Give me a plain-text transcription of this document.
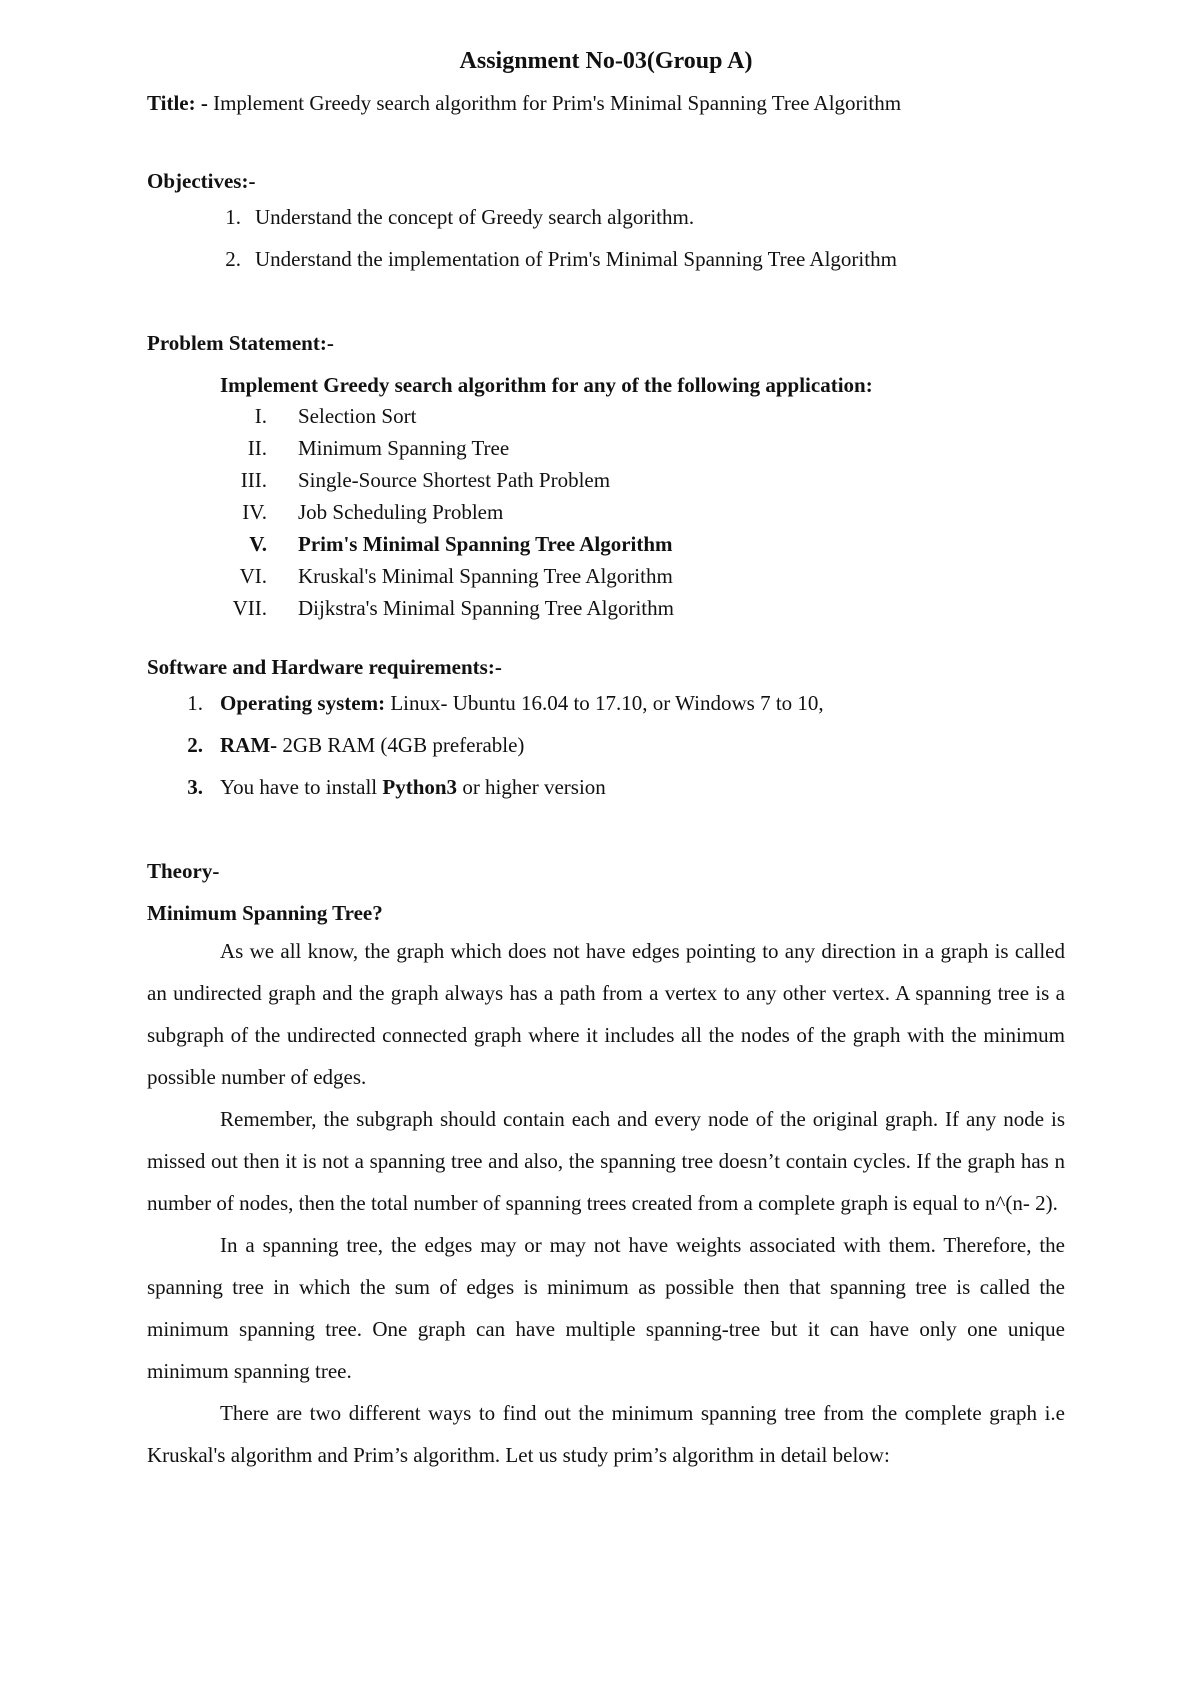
Assignment No-03(Group A)

Title: - Implement Greedy search algorithm for Prim's Minimal Spanning Tree Algorithm

Objectives:-

1. Understand the concept of Greedy search algorithm.
2. Understand the implementation of Prim's Minimal Spanning Tree Algorithm

Problem Statement:-

Implement Greedy search algorithm for any of the following application:

I. Selection Sort
II. Minimum Spanning Tree
III. Single-Source Shortest Path Problem
IV. Job Scheduling Problem
V. Prim's Minimal Spanning Tree Algorithm
VI. Kruskal's Minimal Spanning Tree Algorithm
VII. Dijkstra's Minimal Spanning Tree Algorithm

Software and Hardware requirements:-

1. Operating system: Linux- Ubuntu 16.04 to 17.10, or Windows 7 to 10,
2. RAM- 2GB RAM (4GB preferable)
3. You have to install Python3 or higher version

Theory-

Minimum Spanning Tree?

As we all know, the graph which does not have edges pointing to any direction in a graph is called an undirected graph and the graph always has a path from a vertex to any other vertex. A spanning tree is a subgraph of the undirected connected graph where it includes all the nodes of the graph with the minimum possible number of edges.

Remember, the subgraph should contain each and every node of the original graph. If any node is missed out then it is not a spanning tree and also, the spanning tree doesn’t contain cycles. If the graph has n number of nodes, then the total number of spanning trees created from a complete graph is equal to n^(n- 2).

In a spanning tree, the edges may or may not have weights associated with them. Therefore, the spanning tree in which the sum of edges is minimum as possible then that spanning tree is called the minimum spanning tree. One graph can have multiple spanning-tree but it can have only one unique minimum spanning tree.

There are two different ways to find out the minimum spanning tree from the complete graph i.e Kruskal's algorithm and Prim’s algorithm. Let us study prim’s algorithm in detail below:
